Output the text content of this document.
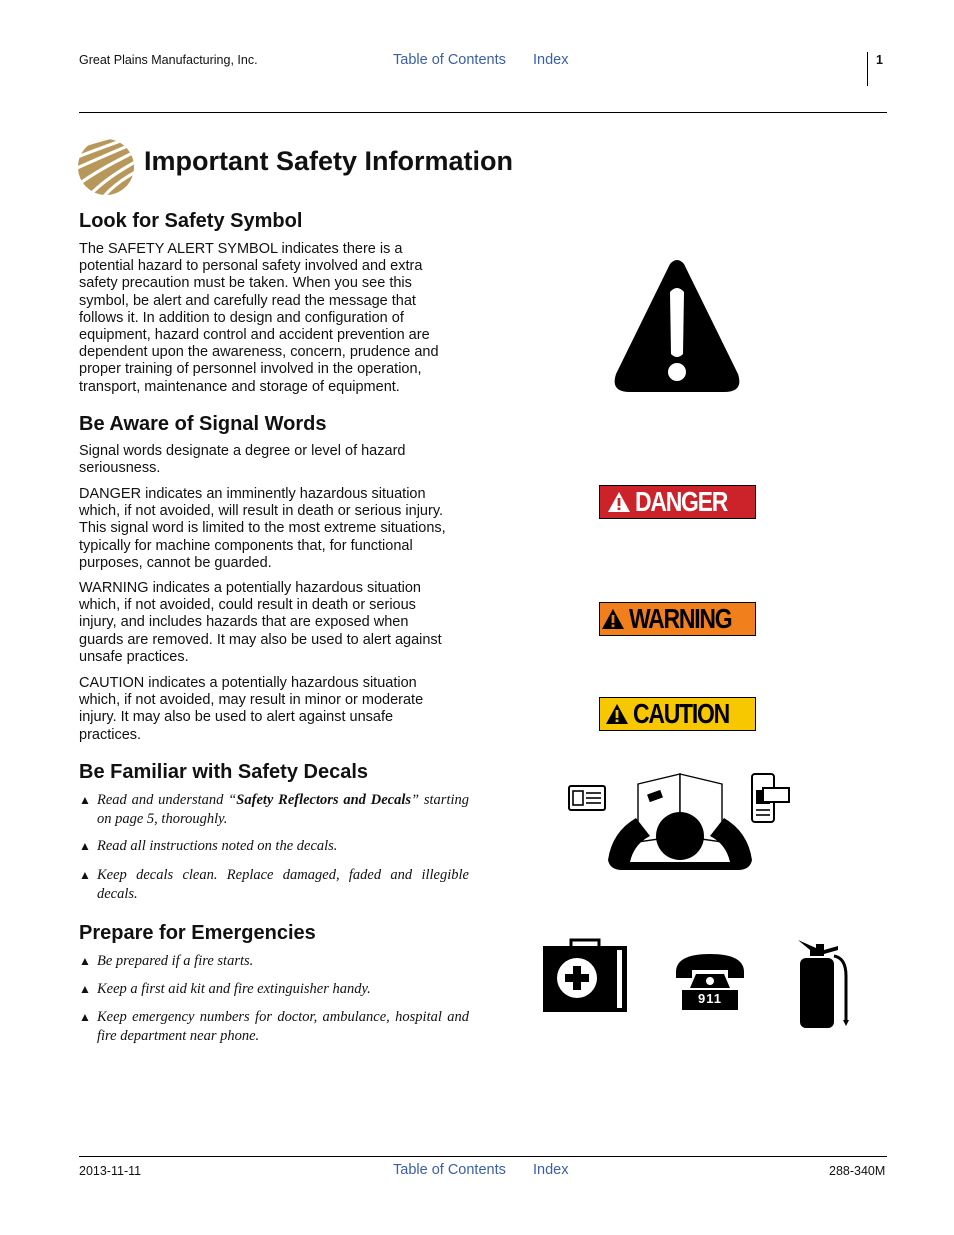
Great Plains Manufacturing, Inc.	Table of Contents Index	1
Important Safety Information
Look for Safety Symbol
The SAFETY ALERT SYMBOL indicates there is a
potential hazard to personal safety involved and extra
safety precaution must be taken. When you see this
symbol, be alert and carefully read the message that
follows it. In addition to design and configuration of
equipment, hazard control and accident prevention are
dependent upon the awareness, concern, prudence and
proper training of personnel involved in the operation,
transport, maintenance and storage of equipment.
Be Aware of Signal Words
Signal words designate a degree or level of hazard
seriousness.
DANGER indicates an imminently hazardous situation
which, if not avoided, will result in death or serious injury.
This signal word is limited to the most extreme situations,
typically for machine components that, for functional
purposes, cannot be guarded.
WARNING indicates a potentially hazardous situation
which, if not avoided, could result in death or serious
injury, and includes hazards that are exposed when
guards are removed. It may also be used to alert against
unsafe practices.
CAUTION indicates a potentially hazardous situation
which, if not avoided, may result in minor or moderate
injury. It may also be used to alert against unsafe
practices.
DANGER
WARNING
CAUTION
Be Familiar with Safety Decals
▲ Read and understand “Safety Reflectors and Decals” starting on page 5, thoroughly.
▲ Read all instructions noted on the decals.
▲ Keep decals clean. Replace damaged, faded and illegible decals.
Prepare for Emergencies
▲ Be prepared if a fire starts.
▲ Keep a first aid kit and fire extinguisher handy.
▲ Keep emergency numbers for doctor, ambulance, hospital and fire department near phone.
911
2013-11-11	Table of Contents Index	288-340M
